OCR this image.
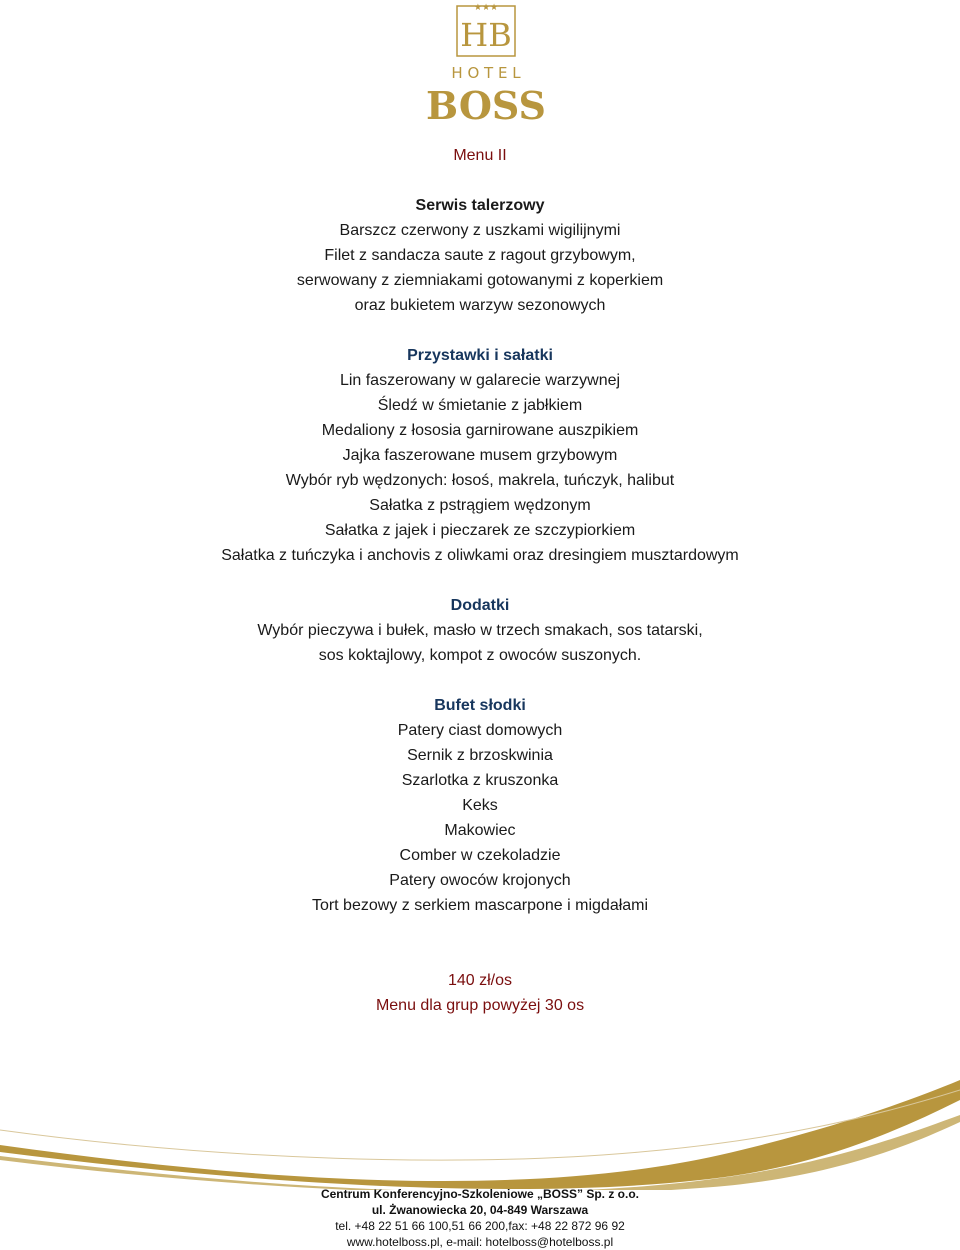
★★★
HB
H O T E L
BOSS
Menu II
Serwis talerzowy
Barszcz czerwony z uszkami wigilijnymi
Filet z sandacza saute z ragout grzybowym,
serwowany z ziemniakami gotowanymi z koperkiem
oraz bukietem warzyw sezonowych
Przystawki i sałatki
Lin faszerowany w galarecie warzywnej
Śledź w śmietanie z jabłkiem
Medaliony z łososia garnirowane auszpikiem
Jajka faszerowane musem grzybowym
Wybór ryb wędzonych: łosoś, makrela, tuńczyk, halibut
Sałatka z pstrągiem wędzonym
Sałatka z jajek i pieczarek ze szczypiorkiem
Sałatka z tuńczyka i anchovis z oliwkami oraz dresingiem musztardowym
Dodatki
Wybór pieczywa i bułek, masło w trzech smakach, sos tatarski,
sos koktajlowy, kompot z owoców suszonych.
Bufet słodki
Patery ciast domowych
Sernik z brzoskwinia
Szarlotka z kruszonka
Keks
Makowiec
Comber w czekoladzie
Patery owoców krojonych
Tort bezowy z serkiem mascarpone i migdałami
140 zł/os
Menu dla grup powyżej 30 os
Centrum Konferencyjno-Szkoleniowe „BOSS” Sp. z o.o.
ul. Żwanowiecka 20, 04-849 Warszawa
tel. +48 22 51 66 100,51 66 200,fax: +48 22 872 96 92
www.hotelboss.pl, e-mail: hotelboss@hotelboss.pl
